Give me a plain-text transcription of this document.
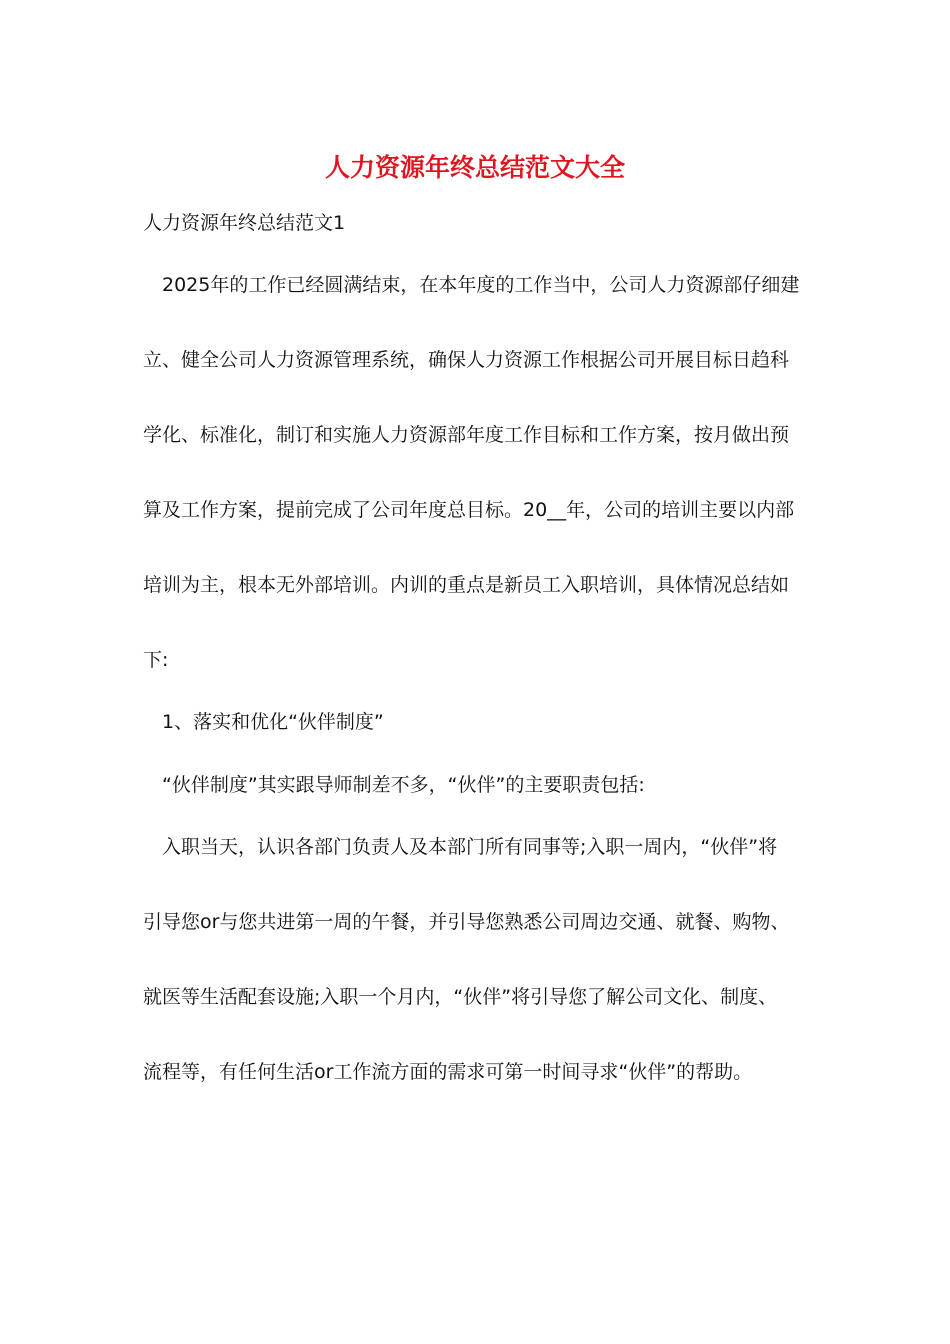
人力资源年终总结范文大全

人力资源年终总结范文1

2025年的工作已经圆满结束，在本年度的工作当中，公司人力资源部仔细建

立、健全公司人力资源管理系统，确保人力资源工作根据公司开展目标日趋科

学化、标准化，制订和实施人力资源部年度工作目标和工作方案，按月做出预

算及工作方案，提前完成了公司年度总目标。20__年，公司的培训主要以内部

培训为主，根本无外部培训。内训的重点是新员工入职培训，具体情况总结如

下:

1、落实和优化“伙伴制度”

“伙伴制度”其实跟导师制差不多，“伙伴”的主要职责包括:

入职当天，认识各部门负责人及本部门所有同事等;入职一周内，“伙伴”将

引导您or与您共进第一周的午餐，并引导您熟悉公司周边交通、就餐、购物、

就医等生活配套设施;入职一个月内，“伙伴”将引导您了解公司文化、制度、

流程等，有任何生活or工作流方面的需求可第一时间寻求“伙伴”的帮助。
